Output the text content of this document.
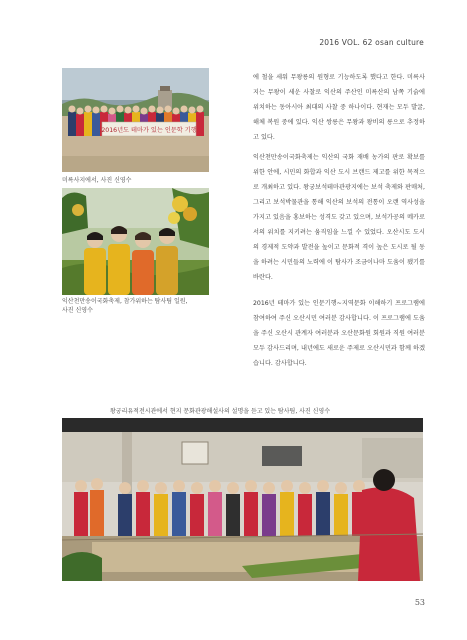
2016 VOL. 62 osan culture
2016년도 테마가 있는 인문학 기행
미륵사지에서, 사진 신영수
익산천만송이국화축제, 참가위하는 탐사팀 일원,
사진 신영수

에 철을 세워 무왕릉의 원형로 기능하도록 했다고 한다. 미륵사지는 무왕이 세운 사찰로 익산의 주산인 미륵산의 남쪽 기슭에 위치하는 동아시아 최대의 사찰 중 하나이다. 현재는 모두 발굴, 해체 복원 중에 있다. 익산 쌍릉은 무왕과 왕비의 릉으로 추정하고 있다.

익산천만송이국화축제는 익산의 국화 재배 농가의 판로 확보를 위한 안에, 시민의 화합과 익산 도시 브랜드 제고를 위한 목적으로 개최하고 있다. 왕궁보석테마관광지에는 보석 축제와 판매처, 그리고 보석박물관을 통해 익산의 보석의 전통이 오랜 역사성을 가지고 있음을 홍보하는 성격도 갖고 있으며, 보석가공의 메카로서의 위치를 지키려는 움직임을 느낄 수 있었다. 오산시도 도시의 경제적 도약과 발전을 높이고 문화적 격이 높은 도시로 될 동을 하려는 시민들의 노력에 이 탐사가 조금이나마 도움이 됐기를 바란다.

2016년 테마가 있는 인문기행~지역문화 이해하기 프로그램에 참여하여 주신 오산시민 여러분 감사합니다. 이 프로그램에 도움을 주신 오산시 관계자 여러분과 오산문화원 회원과 직원 여러분 모두 감사드리며, 내년에도 새로운 주제로 오산시민과 함께 하겠습니다. 감사합니다.

왕궁리유적전시관에서 현지 문화관광해설사의 설명을 듣고 있는 탐사팀, 사진 신영수
53
